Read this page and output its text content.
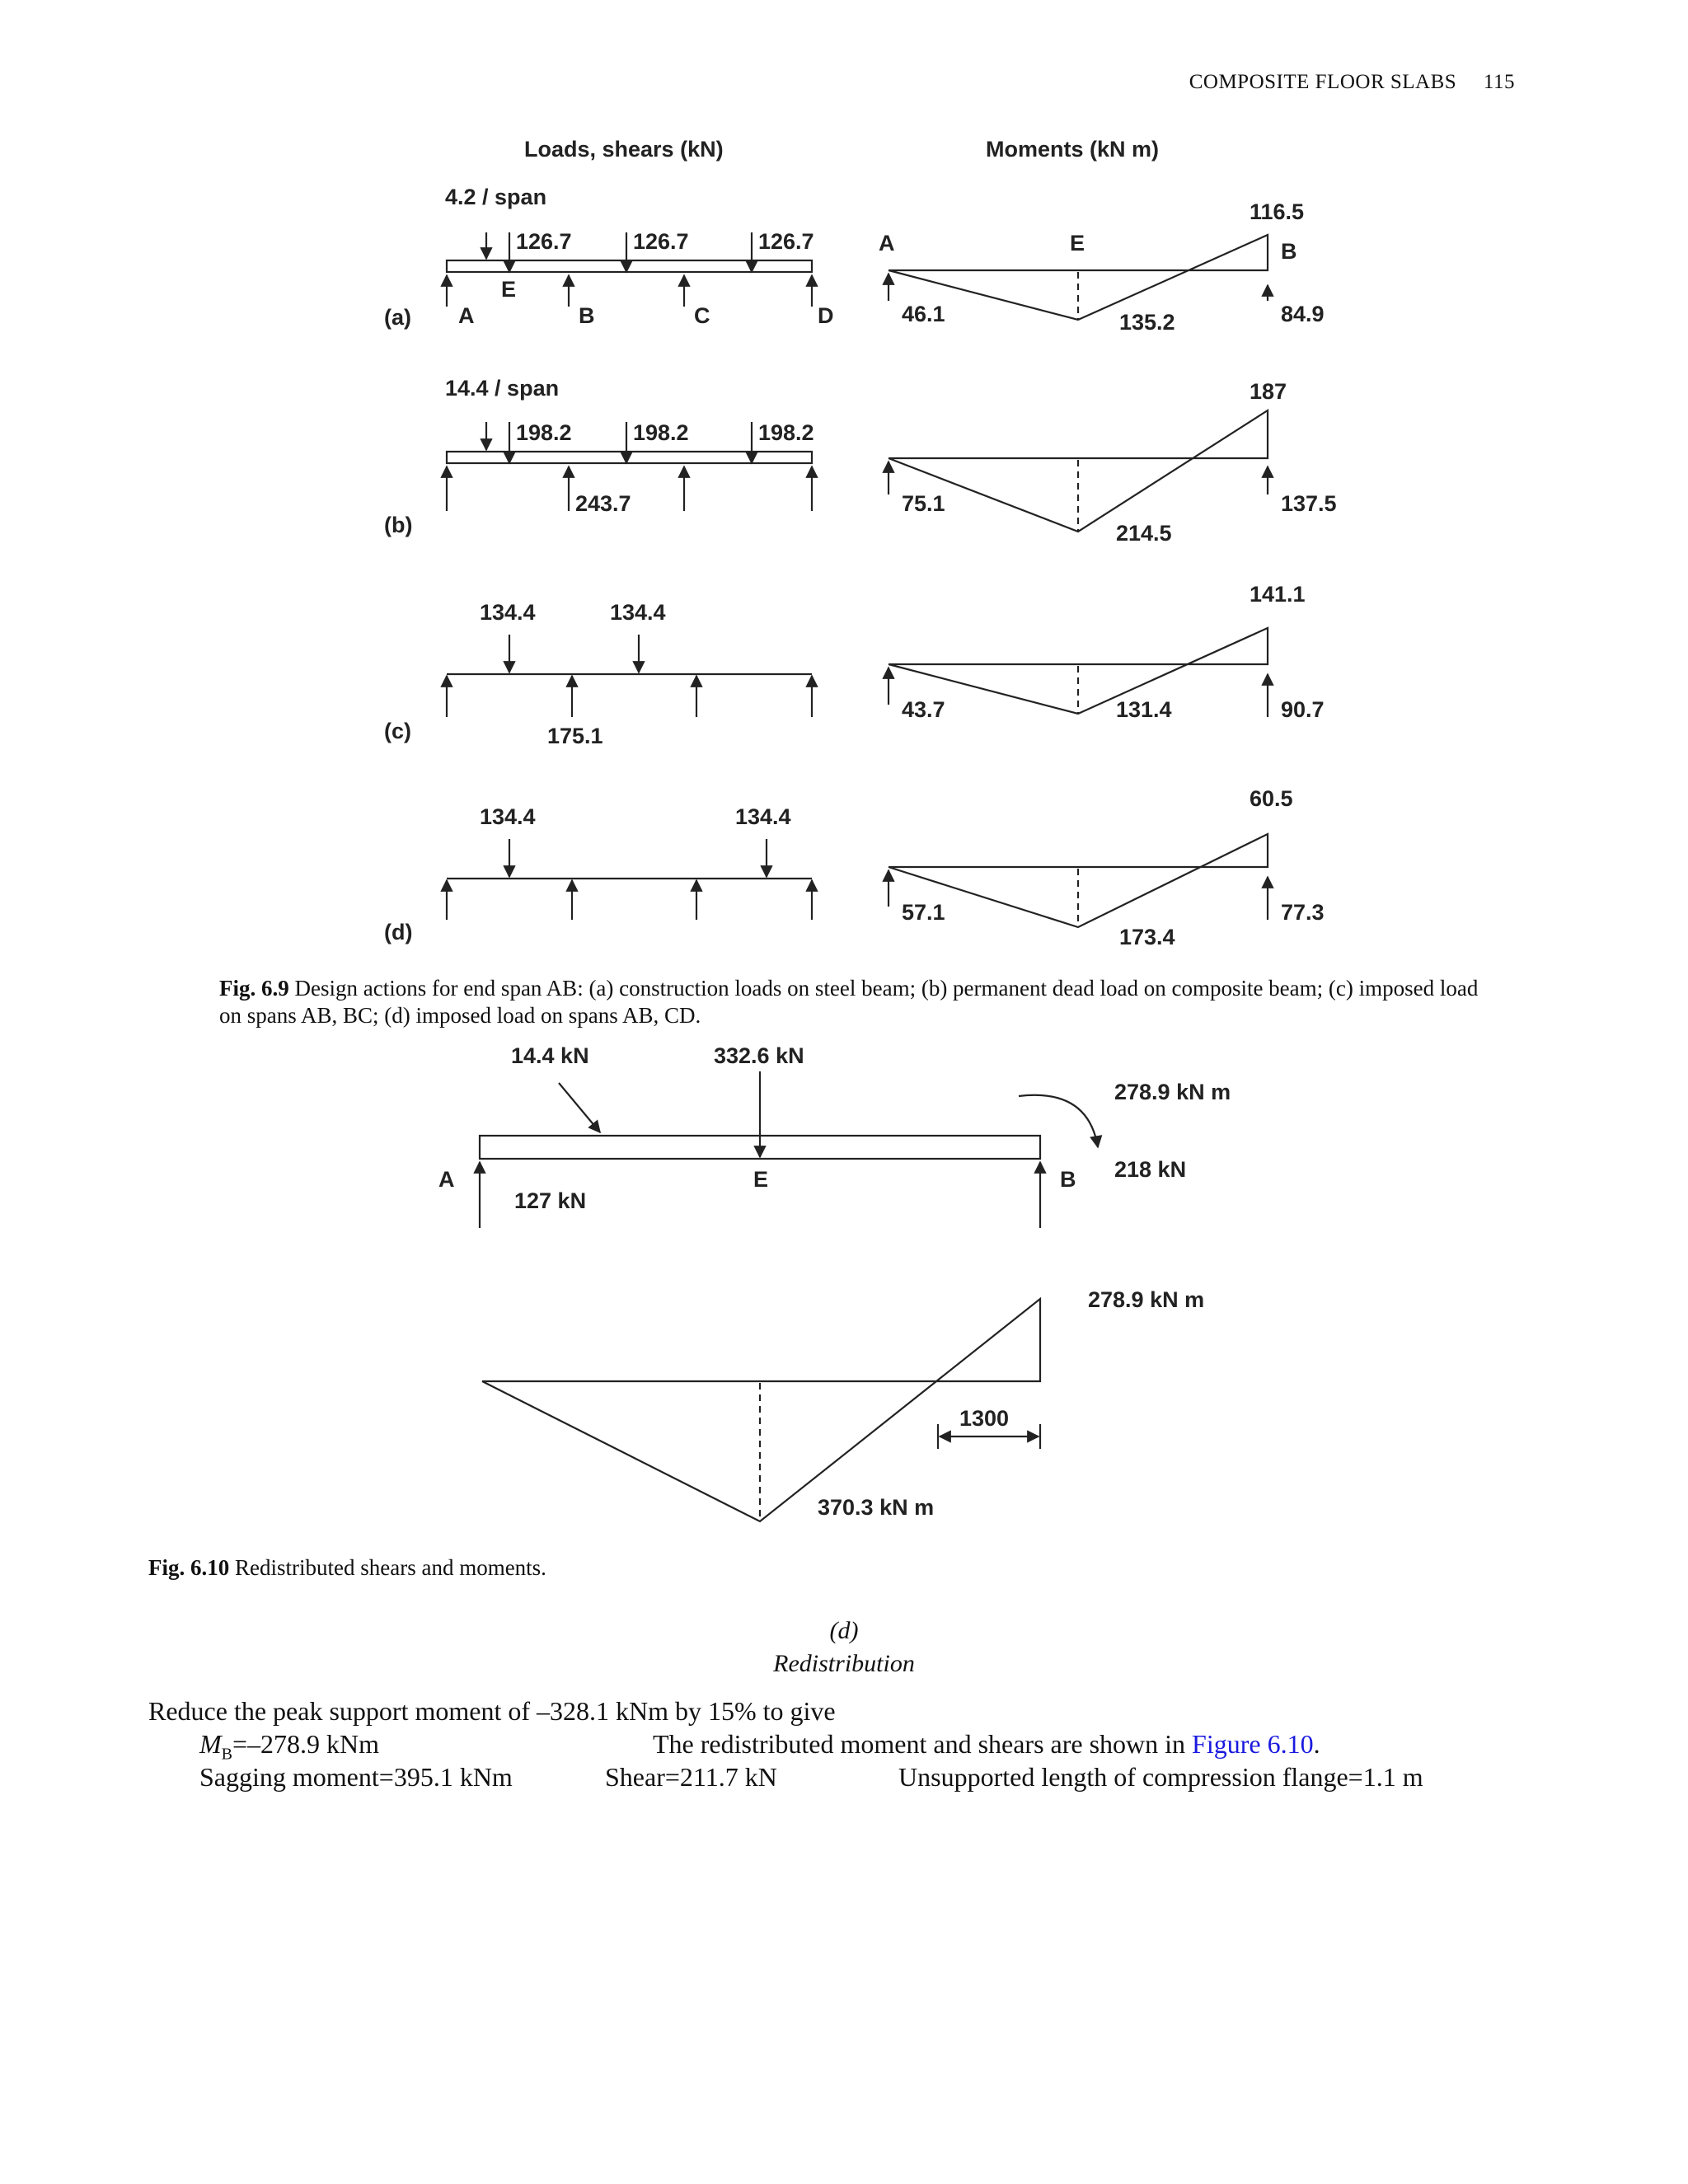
COMPOSITE FLOOR SLABS 115
Loads, shears (kN)	Moments (kN m)
4.2 / span
126.7	126.7	126.7
E
A	B	C	D
(a)
A	E	B
116.5
46.1	135.2	84.9
14.4 / span
198.2	198.2	198.2
243.7
(b)
187
75.1
214.5
137.5
134.4	134.4
175.1
(c)
141.1
43.7	131.4	90.7
134.4	134.4
(d)
60.5
57.1
173.4
77.3
Fig. 6.9 Design actions for end span AB: (a) construction loads on steel beam; (b) permanent dead load on composite beam; (c) imposed load on spans AB, BC; (d) imposed load on spans AB, CD.
14.4 kN	332.6 kN
278.9 kN m
218 kN
A	E	B
127 kN
278.9 kN m
1300
370.3 kN m
Fig. 6.10 Redistributed shears and moments.
(d)
Redistribution
Reduce the peak support moment of –328.1 kNm by 15% to give
$M_B=-278.9$ kNm	The redistributed moment and shears are shown in Figure 6.10.
Sagging moment=395.1 kNm	Shear=211.7 kN	Unsupported length of compression flange=1.1 m
